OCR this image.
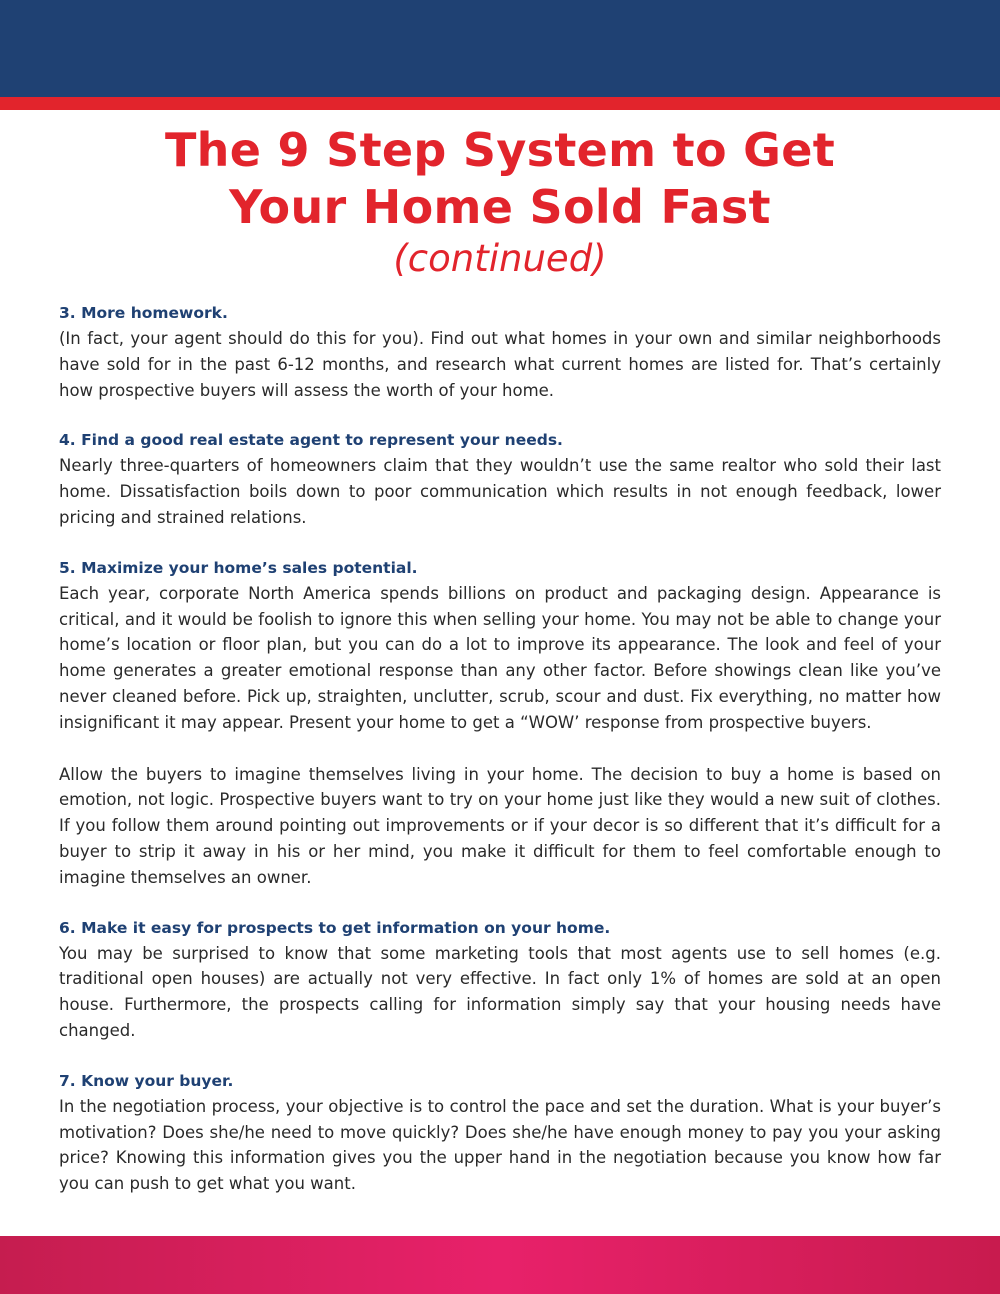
The 9 Step System to Get
Your Home Sold Fast
(continued)
3. More homework.

(In fact, your agent should do this for you). Find out what homes in your own and similar neighborhoods have sold for in the past 6-12 months, and research what current homes are listed for. That’s certainly how prospective buyers will assess the worth of your home.

4. Find a good real estate agent to represent your needs.

Nearly three-quarters of homeowners claim that they wouldn’t use the same realtor who sold their last home. Dissatisfaction boils down to poor communication which results in not enough feedback, lower pricing and strained relations.

5. Maximize your home’s sales potential.

Each year, corporate North America spends billions on product and packaging design. Appearance is critical, and it would be foolish to ignore this when selling your home. You may not be able to change your home’s location or floor plan, but you can do a lot to improve its appearance. The look and feel of your home generates a greater emotional response than any other factor. Before showings clean like you’ve never cleaned before. Pick up, straighten, unclutter, scrub, scour and dust. Fix everything, no matter how insignificant it may appear. Present your home to get a “WOW’ response from prospective buyers.

Allow the buyers to imagine themselves living in your home. The decision to buy a home is based on emotion, not logic. Prospective buyers want to try on your home just like they would a new suit of clothes. If you follow them around pointing out improvements or if your decor is so different that it’s difficult for a buyer to strip it away in his or her mind, you make it difficult for them to feel comfortable enough to imagine themselves an owner.

6. Make it easy for prospects to get information on your home.

You may be surprised to know that some marketing tools that most agents use to sell homes (e.g. traditional open houses) are actually not very effective. In fact only 1% of homes are sold at an open house. Furthermore, the prospects calling for information simply say that your housing needs have changed.

7. Know your buyer.

In the negotiation process, your objective is to control the pace and set the duration. What is your buyer’s motivation? Does she/he need to move quickly? Does she/he have enough money to pay you your asking price? Knowing this information gives you the upper hand in the negotiation because you know how far you can push to get what you want.
